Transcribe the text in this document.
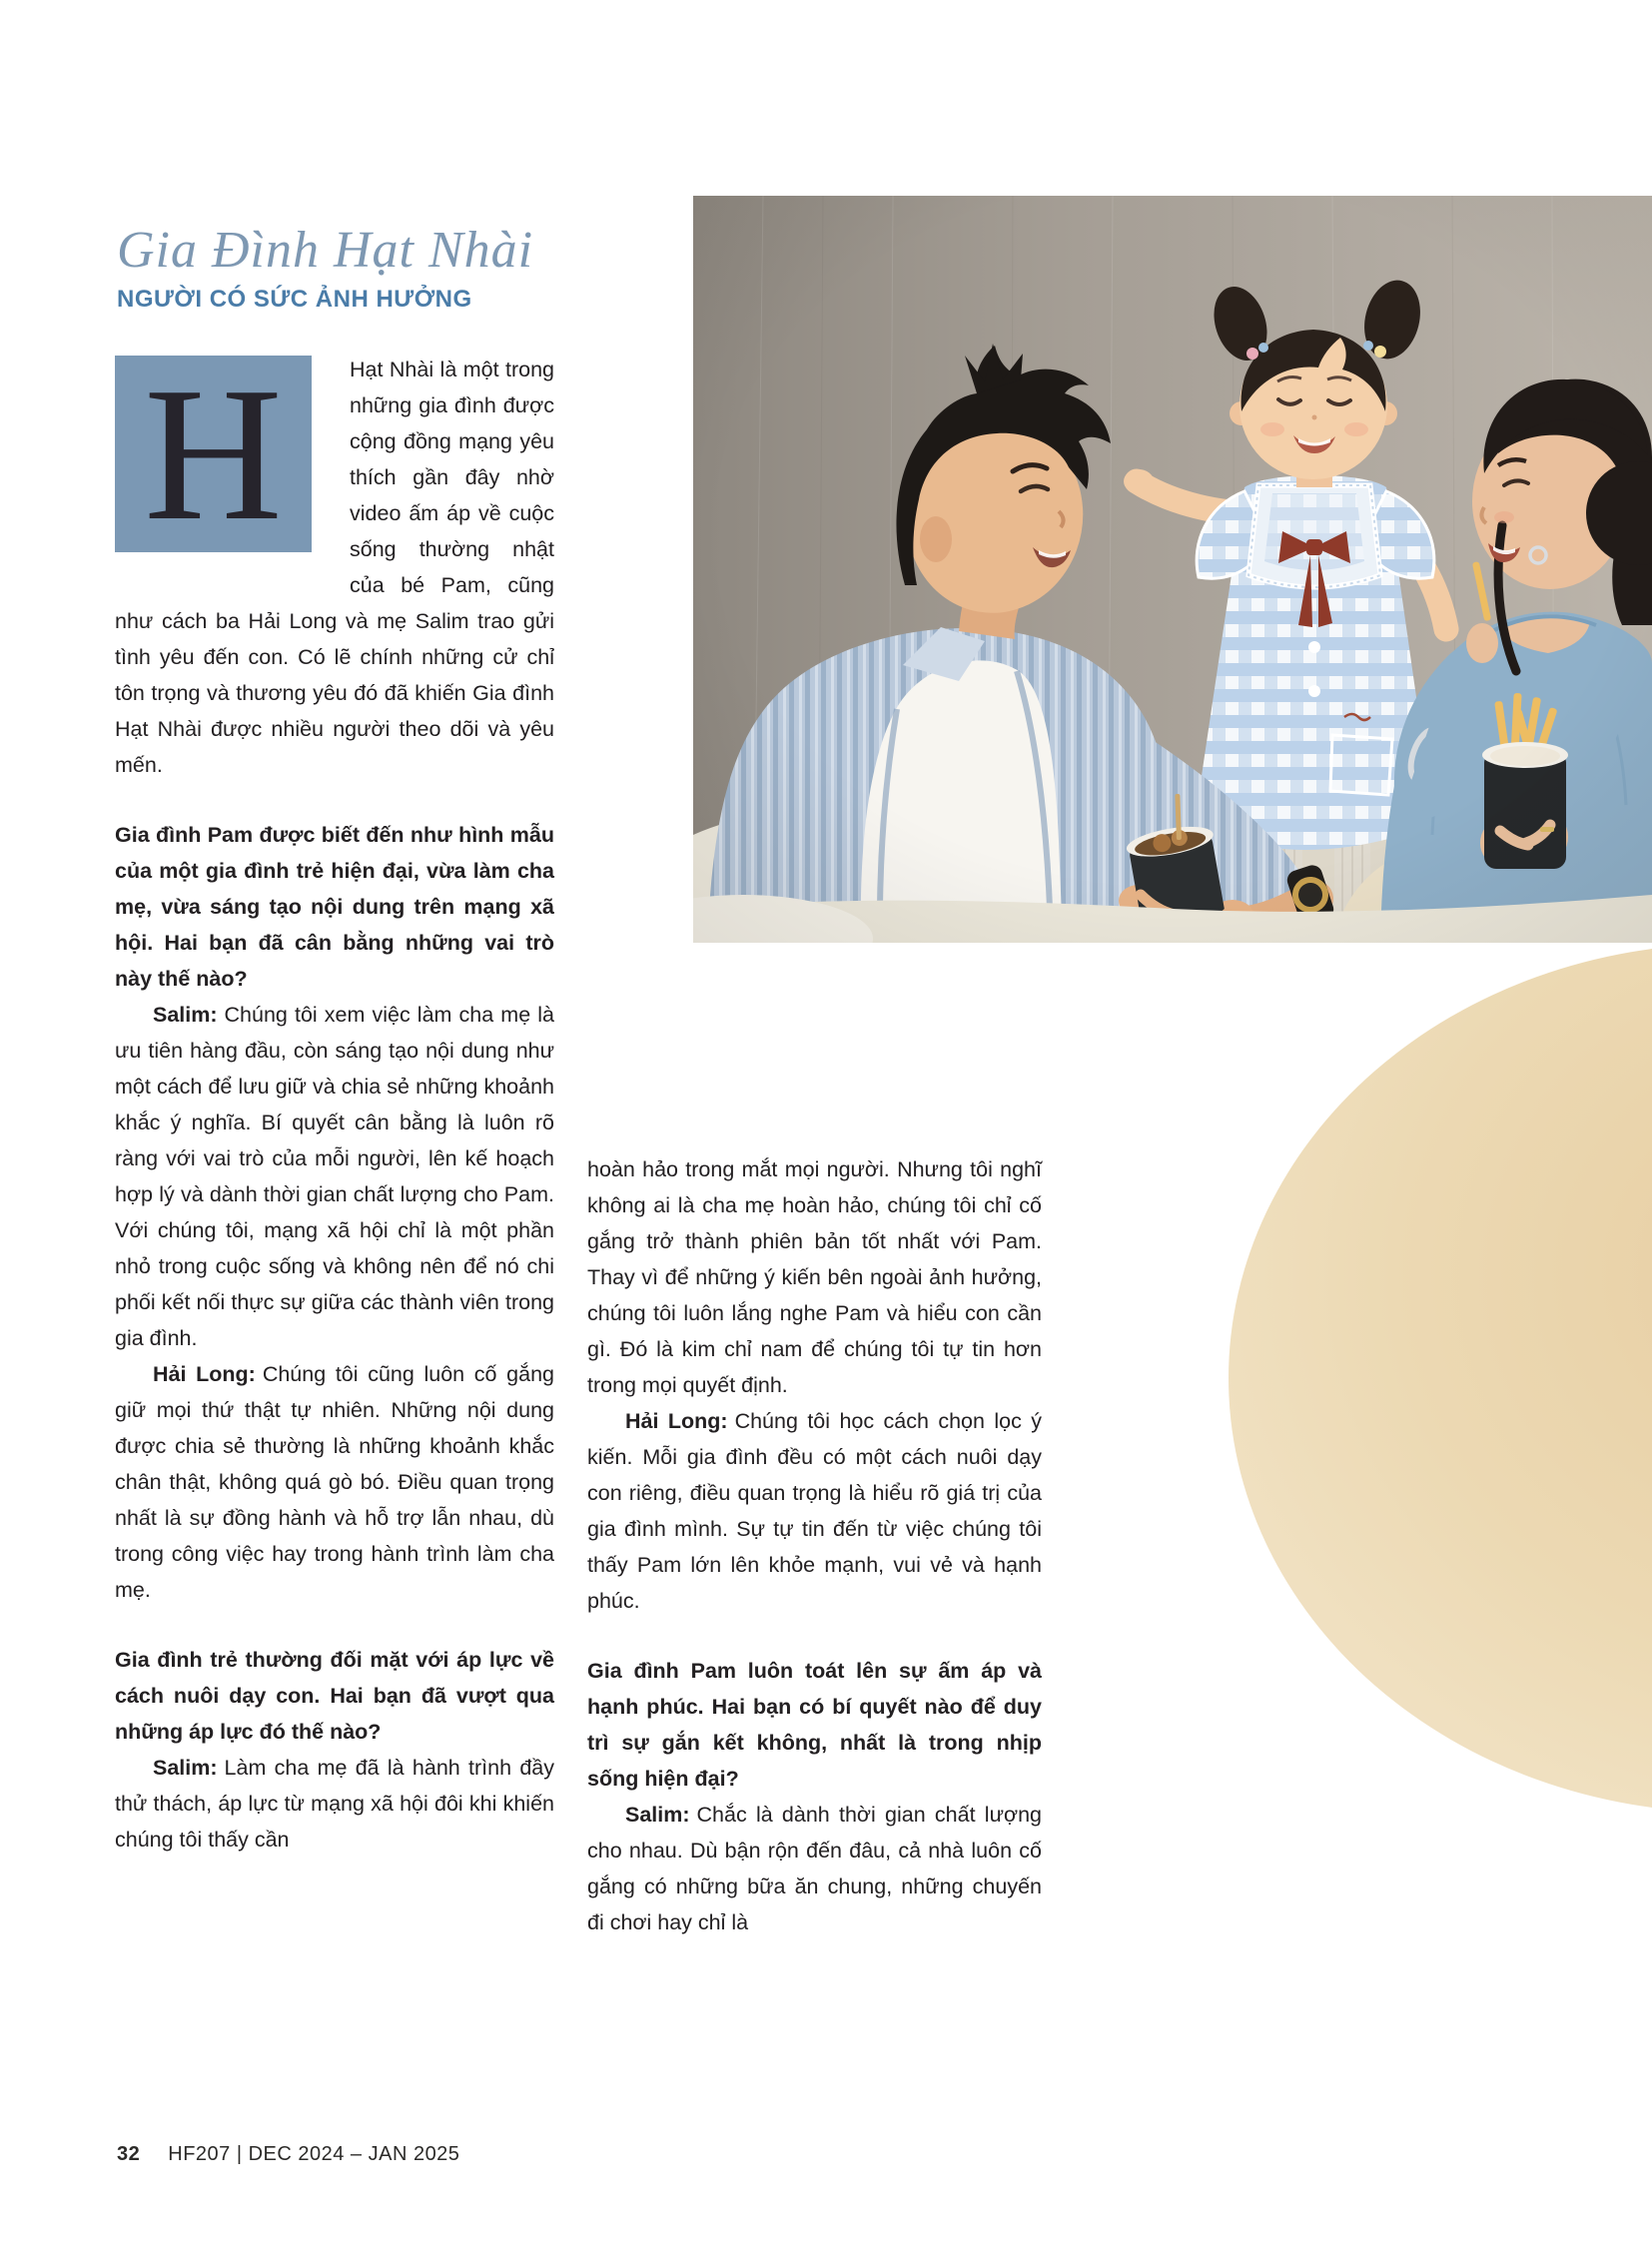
Gia Đình Hạt Nhài
NGƯỜI CÓ SỨC ẢNH HƯỞNG

H	Hạt Nhài là một trong những gia đình được cộng đồng mạng yêu thích gần đây nhờ video ấm áp về cuộc sống thường nhật của bé Pam, cũng như cách ba Hải Long và mẹ Salim trao gửi tình yêu đến con. Có lẽ chính những cử chỉ tôn trọng và thương yêu đó đã khiến Gia đình Hạt Nhài được nhiều người theo dõi và yêu mến.

Gia đình Pam được biết đến như hình mẫu của một gia đình trẻ hiện đại, vừa làm cha mẹ, vừa sáng tạo nội dung trên mạng xã hội. Hai bạn đã cân bằng những vai trò này thế nào?

Salim: Chúng tôi xem việc làm cha mẹ là ưu tiên hàng đầu, còn sáng tạo nội dung như một cách để lưu giữ và chia sẻ những khoảnh khắc ý nghĩa. Bí quyết cân bằng là luôn rõ ràng với vai trò của mỗi người, lên kế hoạch hợp lý và dành thời gian chất lượng cho Pam. Với chúng tôi, mạng xã hội chỉ là một phần nhỏ trong cuộc sống và không nên để nó chi phối kết nối thực sự giữa các thành viên trong gia đình.

Hải Long: Chúng tôi cũng luôn cố gắng giữ mọi thứ thật tự nhiên. Những nội dung được chia sẻ thường là những khoảnh khắc chân thật, không quá gò bó. Điều quan trọng nhất là sự đồng hành và hỗ trợ lẫn nhau, dù trong công việc hay trong hành trình làm cha mẹ.

Gia đình trẻ thường đối mặt với áp lực về cách nuôi dạy con. Hai bạn đã vượt qua những áp lực đó thế nào?

Salim: Làm cha mẹ đã là hành trình đầy thử thách, áp lực từ mạng xã hội đôi khi khiến chúng tôi thấy cần

hoàn hảo trong mắt mọi người. Nhưng tôi nghĩ không ai là cha mẹ hoàn hảo, chúng tôi chỉ cố gắng trở thành phiên bản tốt nhất với Pam. Thay vì để những ý kiến bên ngoài ảnh hưởng, chúng tôi luôn lắng nghe Pam và hiểu con cần gì. Đó là kim chỉ nam để chúng tôi tự tin hơn trong mọi quyết định.

Hải Long: Chúng tôi học cách chọn lọc ý kiến. Mỗi gia đình đều có một cách nuôi dạy con riêng, điều quan trọng là hiểu rõ giá trị của gia đình mình. Sự tự tin đến từ việc chúng tôi thấy Pam lớn lên khỏe mạnh, vui vẻ và hạnh phúc.

Gia đình Pam luôn toát lên sự ấm áp và hạnh phúc. Hai bạn có bí quyết nào để duy trì sự gắn kết không, nhất là trong nhịp sống hiện đại?

Salim: Chắc là dành thời gian chất lượng cho nhau. Dù bận rộn đến đâu, cả nhà luôn cố gắng có những bữa ăn chung, những chuyến đi chơi hay chỉ là

32 HF207 | DEC 2024 – JAN 2025
